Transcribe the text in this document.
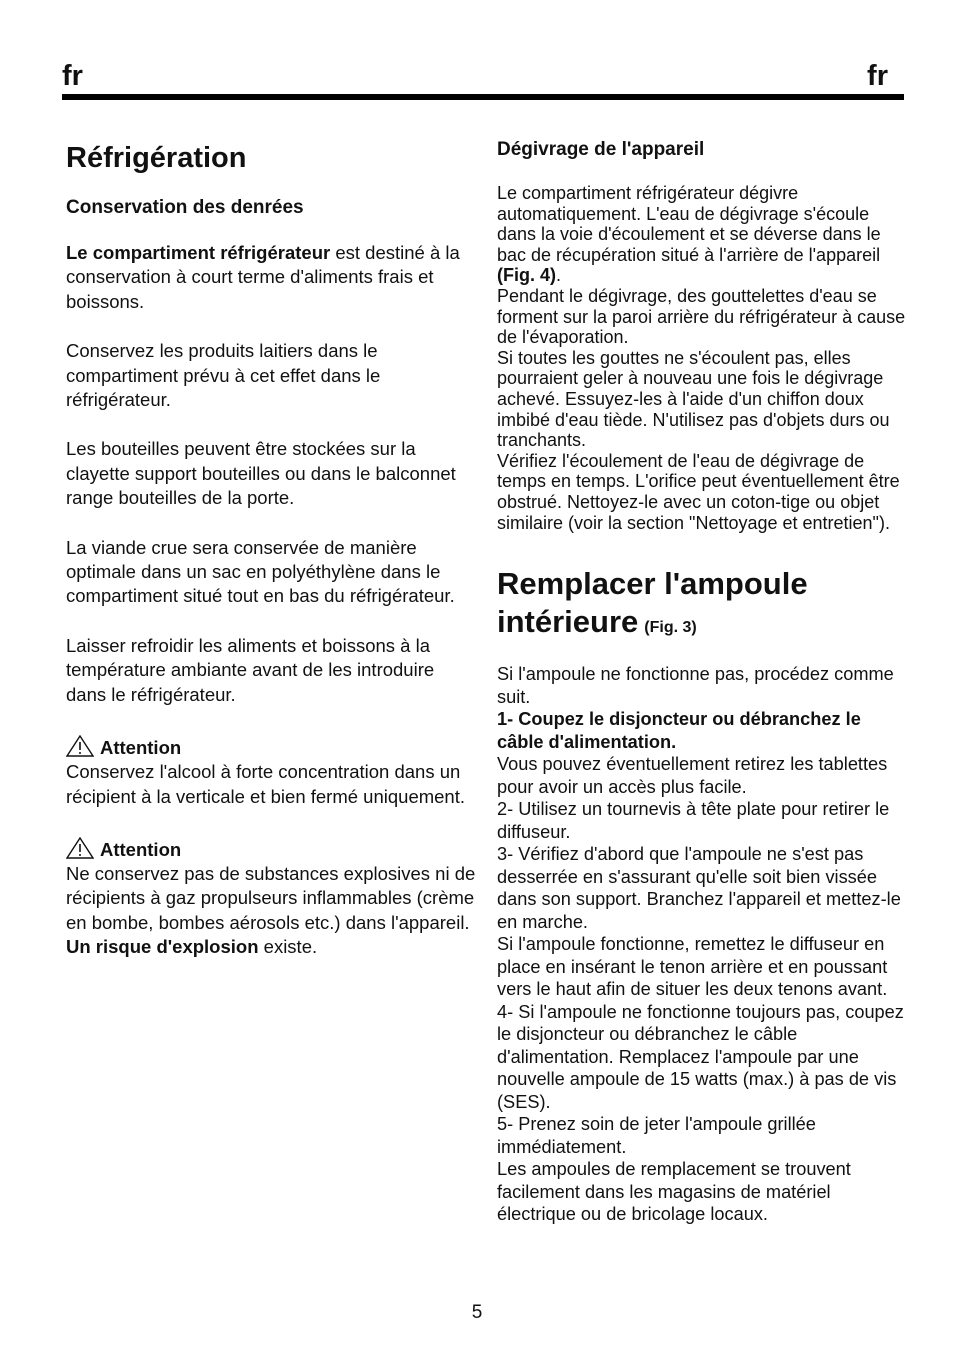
fr	fr
Réfrigération
Conservation des denrées

Le compartiment réfrigérateur est destiné à la conservation à court terme d'aliments frais et boissons.

Conservez les produits laitiers dans le compartiment prévu à cet effet dans le réfrigérateur.

Les bouteilles peuvent être stockées sur la clayette support bouteilles ou dans le balconnet range bouteilles de la porte.

La viande crue sera conservée de manière optimale dans un sac en polyéthylène dans le compartiment situé tout en bas du réfrigérateur.

Laisser refroidir les aliments et boissons à la température ambiante avant de les introduire dans le réfrigérateur.

Attention

Conservez l'alcool à forte concentration dans un récipient à la verticale et bien fermé uniquement.

Attention

Ne conservez pas de substances explosives ni de récipients à gaz propulseurs inflammables (crème en bombe, bombes aérosols etc.) dans l'appareil.

Un risque d'explosion existe.

Dégivrage de l'appareil

Le compartiment réfrigérateur dégivre automatiquement. L'eau de dégivrage s'écoule dans la voie d'écoulement et se déverse dans le bac de récupération situé à l'arrière de l'appareil (Fig. 4).

Pendant le dégivrage, des gouttelettes d'eau se forment sur la paroi arrière du réfrigérateur à cause de l'évaporation.

Si toutes les gouttes ne s'écoulent pas, elles pourraient geler à nouveau une fois le dégivrage achevé. Essuyez-les à l'aide d'un chiffon doux imbibé d'eau tiède. N'utilisez pas d'objets durs ou tranchants.

Vérifiez l'écoulement de l'eau de dégivrage de temps en temps. L'orifice peut éventuellement être obstrué. Nettoyez-le avec un coton-tige ou objet similaire (voir la section "Nettoyage et entretien").

Remplacer l'ampoule
intérieure (Fig. 3)

Si l'ampoule ne fonctionne pas, procédez comme suit.

1- Coupez le disjoncteur ou débranchez le câble d'alimentation.

Vous pouvez éventuellement retirez les tablettes pour avoir un accès plus facile.

2- Utilisez un tournevis à tête plate pour retirer le diffuseur.

3- Vérifiez d'abord que l'ampoule ne s'est pas desserrée en s'assurant qu'elle soit bien vissée dans son support. Branchez l'appareil et mettez-le en marche.

Si l'ampoule fonctionne, remettez le diffuseur en place en insérant le tenon arrière et en poussant vers le haut afin de situer les deux tenons avant.

4- Si l'ampoule ne fonctionne toujours pas, coupez le disjoncteur ou débranchez le câble d'alimentation. Remplacez l'ampoule par une nouvelle ampoule de 15 watts (max.) à pas de vis (SES).

5- Prenez soin de jeter l'ampoule grillée immédiatement.

Les ampoules de remplacement se trouvent facilement dans les magasins de matériel électrique ou de bricolage locaux.

5
